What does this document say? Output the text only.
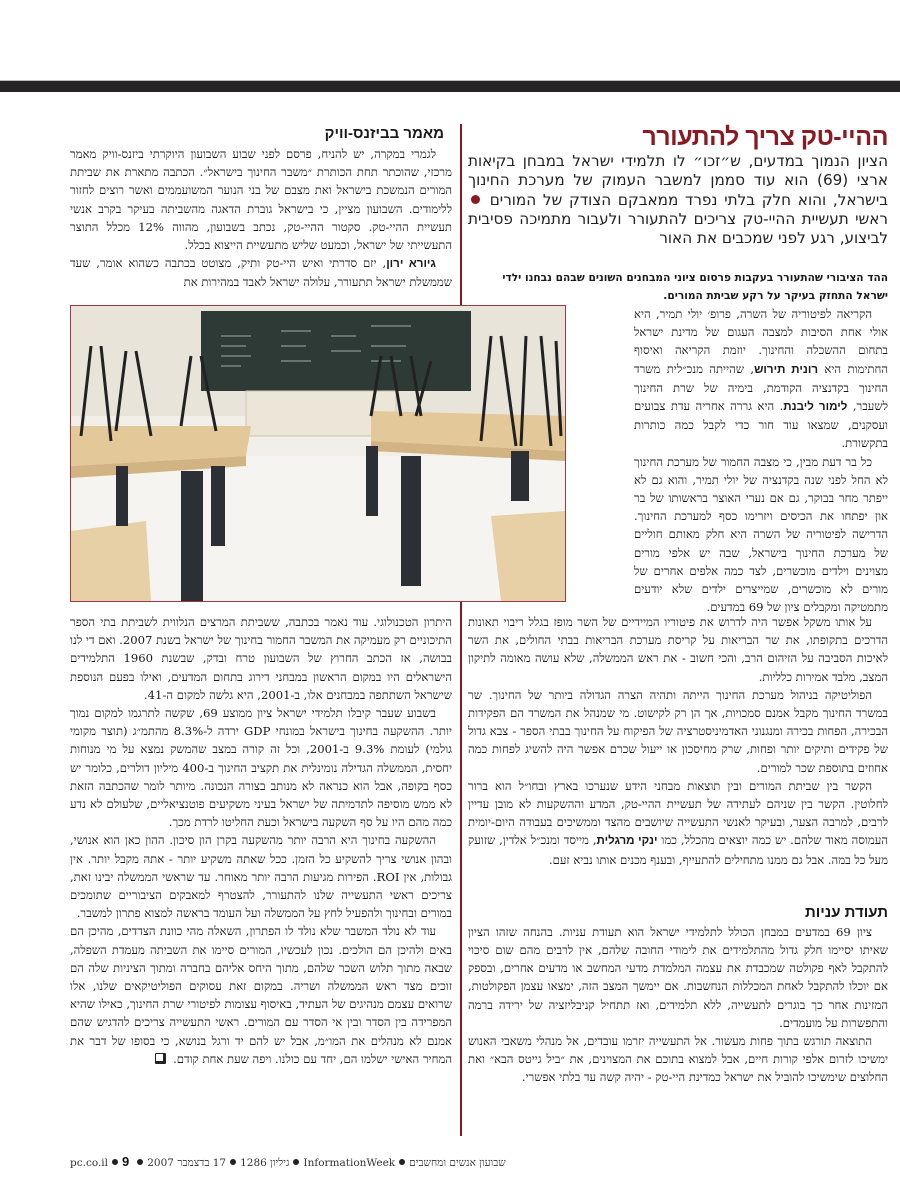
ההיי-טק צריך להתעורר
הציון הנמוך במדעים, ש״זכו״ לו תלמידי ישראל במבחן בקיאות ארצי (69) הוא עוד סממן למשבר העמוק של מערכת החינוך בישראל, והוא חלק בלתי נפרד ממאבקם הצודק של המורים  ראשי תעשיית ההיי-טק צריכים להתעורר ולעבור מתמיכה פסיבית לביצוע, רגע לפני שמכבים את האור
ההד הציבורי שהתעורר בעקבות פרסום ציוני המבחנים השונים שבהם נבחנו ילדי ישראל התחזק בעיקר על רקע שביתת המורים.

הקריאה לפיטוריה של השרה, פרופ׳ יולי תמיר, היא אולי אחת הסיבות למצבה העגום של מדינת ישראל בתחום ההשכלה והחינוך. יוזמת הקריאה ואיסוף החתימות היא רונית תירוש, שהייתה מנכ״לית משרד החינוך בקדנציה הקודמת, בימיה של שרת החינוך לשעבר, לימור ליבנת. היא גררה אחריה עדת צבועים ועסקנים, שמצאו עוד חור כדי לקבל כמה כותרות בתקשורת.

כל בר דעת מבין, כי מצבה החמור של מערכת החינוך לא החל לפני שנה בקדנציה של יולי תמיר, והוא גם לא ייפתר מחר בבוקר, גם אם נערי האוצר בראשותו של בר און יפתחו את הכיסים ויזרימו כסף למערכת החינוך. הדרישה לפיטוריה של השרה היא חלק מאותם חוליים של מערכת החינוך בישראל, שבה יש אלפי מורים מצוינים וילדים מוכשרים, לצד כמה אלפים אחרים של מורים לא מוכשרים, שמייצרים ילדים שלא יודעים מתמטיקה ומקבלים ציון של 69 במדעים.

על אותו משקל אפשר היה לדרוש את פיטוריו המיידיים של השר מופז בגלל ריבוי תאונות הדרכים בתקופתו, את שר הבריאות על קריסת מערכת הבריאות בבתי החולים, את השר לאיכות הסביבה על הזיהום הרב, והכי חשוב - את ראש הממשלה, שלא עושה מאומה לתיקון המצב, מלבד אמירות כלליות.

הפוליטיקה בניהול מערכת החינוך הייתה ותהיה הצרה הגדולה ביותר של החינוך. שר במשרד החינוך מקבל אמנם סמכויות, אך הן רק לקישוט. מי שמנהל את המשרד הם הפקידות הבכירה, הפחות בכירה ומנגנוני האדמיניסטרציה של הפיקוח על החינוך בבתי הספר - צבא גדול של פקידים ותיקים יותר ופחות, שרק מחיסכון או ייעול שכרם אפשר היה להשיג לפחות כמה אחוזים בתוספת שכר למורים.

הקשר בין שביתת המורים ובין תוצאות מבחני הידע שנערכו בארץ ובחו״ל הוא ברור לחלוטין. הקשר בין שניהם לעתידה של תעשיית ההיי-טק, המדע וההשקעות לא מובן עדיין לרבים, למרבה הצער, ובעיקר לאנשי התעשייה שיושבים מהצד וממשיכים בעבודה היום-יומית העמוסה מאוד שלהם. יש כמה יוצאים מהכלל, כמו ינקי מרגלית, מייסד ומנכ״ל אלדין, שזועק מעל כל במה. אבל גם ממנו מתחילים להתעייף, ובענף מכנים אותו נביא זעם.

תעודת עניות

ציון 69 במדעים במבחן הכולל לתלמידי ישראל הוא תעודת עניות. בהנחה שזהו הציון שאיתו יסיימו חלק גדול מהתלמידים את לימודי החובה שלהם, אין לרבים מהם שום סיכוי להתקבל לאף פקולטה שמכבדת את עצמה המלמדת מדעי המחשב או מדעים אחרים, ובספק אם יוכלו להתקבל לאחת המכללות הנחשבות. אם יימשך המצב הזה, ימצאו עצמן הפקולטות, המזינות אחר כך בוגרים לתעשייה, ללא תלמידים, ואז תתחיל קניבליזציה של ירידה ברמה והתפשרות על מועמדים.

התוצאה תורגש בתוך פחות מעשור. אל התעשייה יזרמו עובדים, אל מנהלי משאבי האנוש ימשיכו לזרום אלפי קורות חיים, אבל למצוא בתוכם את המצוינים, את ״ביל גייטס הבא״ ואת החלוצים שימשיכו להוביל את ישראל כמדינת היי-טק - יהיה קשה עד בלתי אפשרי.

מאמר בביזנס-וויק

לגמרי במקרה, יש להניח, פרסם לפני שבוע השבועון היוקרתי ביזנס-וויק מאמר מרכזי, שהוכתר תחת הכותרת ״משבר החינוך בישראל״. הכתבה מתארת את שביתת המורים הנמשכת בישראל ואת מצבם של בני הנוער המשועממים ואשר רוצים לחזור ללימודים. השבועון מציין, כי בישראל גוברת הדאגה מהשביתה בעיקר בקרב אנשי תעשיית ההיי-טק. סקטור ההיי-טק, נכתב בשבועון, מהווה 12% מכלל התוצר התעשייתי של ישראל, וכמעט שליש מתעשיית הייצוא בכלל.

גיורא ירון, יזם סדרתי ואיש היי-טק ותיק, מצוטט בכתבה כשהוא אומר, שעד שממשלת ישראל תתעורר, עלולה ישראל לאבד במהירות את

היתרון הטכנולוגי. עוד נאמר בכתבה, ששביתת המרצים הנלווית לשביתת בתי הספר התיכוניים רק מעמיקה את המשבר החמור בחינוך של ישראל בשנת 2007. ואם די לנו בבושה, אז הכתב החרוץ של השבועון טרח ובדק, שבשנת 1960 התלמידים הישראלים היו במקום הראשון במבחני דירוג בתחום המדעים, ואילו בפעם הנוספת שישראל השתתפה במבחנים אלו, ב-2001, היא גלשה למקום ה-41.

בשבוע שעבר קיבלו תלמידי ישראל ציון ממוצע 69, שקשה לתרגמו למקום נמוך יותר. ההשקעה בחינוך בישראל במונחי GDP ירדה ל-8.3% מהתמ״ג (תוצר מקומי גולמי) לעומת 9.3% ב-2001, וכל זה קורה במצב שהמשק נמצא על מי מנוחות יחסית, הממשלה הגדילה נומינלית את תקציב החינוך ב-400 מיליון דולרים, כלומר יש כסף בקופה, אבל הוא כנראה לא מנותב בצורה הנכונה. מיותר לומר שהכתבה הזאת לא ממש מוסיפה לתדמיתה של ישראל בעיני משקיעים פוטנציאליים, שלעולם לא נדע כמה מהם היו על סף השקעה בישראל וכעת החליטו לרדת מכך.

ההשקעה בחינוך היא הרבה יותר מהשקעה בקרן הון סיכון. ההון כאן הוא אנושי, ובהון אנושי צריך להשקיע כל הזמן. ככל שאתה משקיע יותר - אתה מקבל יותר. אין גבולות, אין ROI. הפירות מגיעות הרבה יותר מאוחר. עד שראשי הממשלה יבינו זאת, צריכים ראשי התעשייה שלנו להתעורר, להצטרף למאבקים הציבוריים שתומכים במורים ובחינוך ולהפעיל לחץ על הממשלה ועל העומד בראשה למצוא פתרון למשבר.

עוד לא נולד המשבר שלא נולד לו הפתרון, השאלה מהי כוונת הצדדים, מהיכן הם באים ולהיכן הם הולכים. נכון לעכשיו, המורים סיימו את השביתה מעמדת השפלה, שבאה מתוך תלוש השכר שלהם, מתוך היחס אליהם בחברה ומתוך הציניות שלה הם זוכים מצד ראש הממשלה ושריה. במקום זאת עסוקים הפוליטיקאים שלנו, אלו שרואים עצמם מנהיגים של העתיד, באיסוף עצומות לפיטורי שרת החינוך, כאילו שהיא המפרידה בין הסדר ובין אי הסדר עם המורים. ראשי התעשייה צריכים להדגיש שהם אמנם לא מנהלים את המו״מ, אבל יש להם יד ורגל בנושא, כי בסופו של דבר את המחיר האישי ישלמו הם, יחד עם כולנו. ויפה שעת אחת קודם.

שבועון אנשים ומחשביםInformationWeekגיליון 128617 בדצמבר 2007pc.co.il 9
